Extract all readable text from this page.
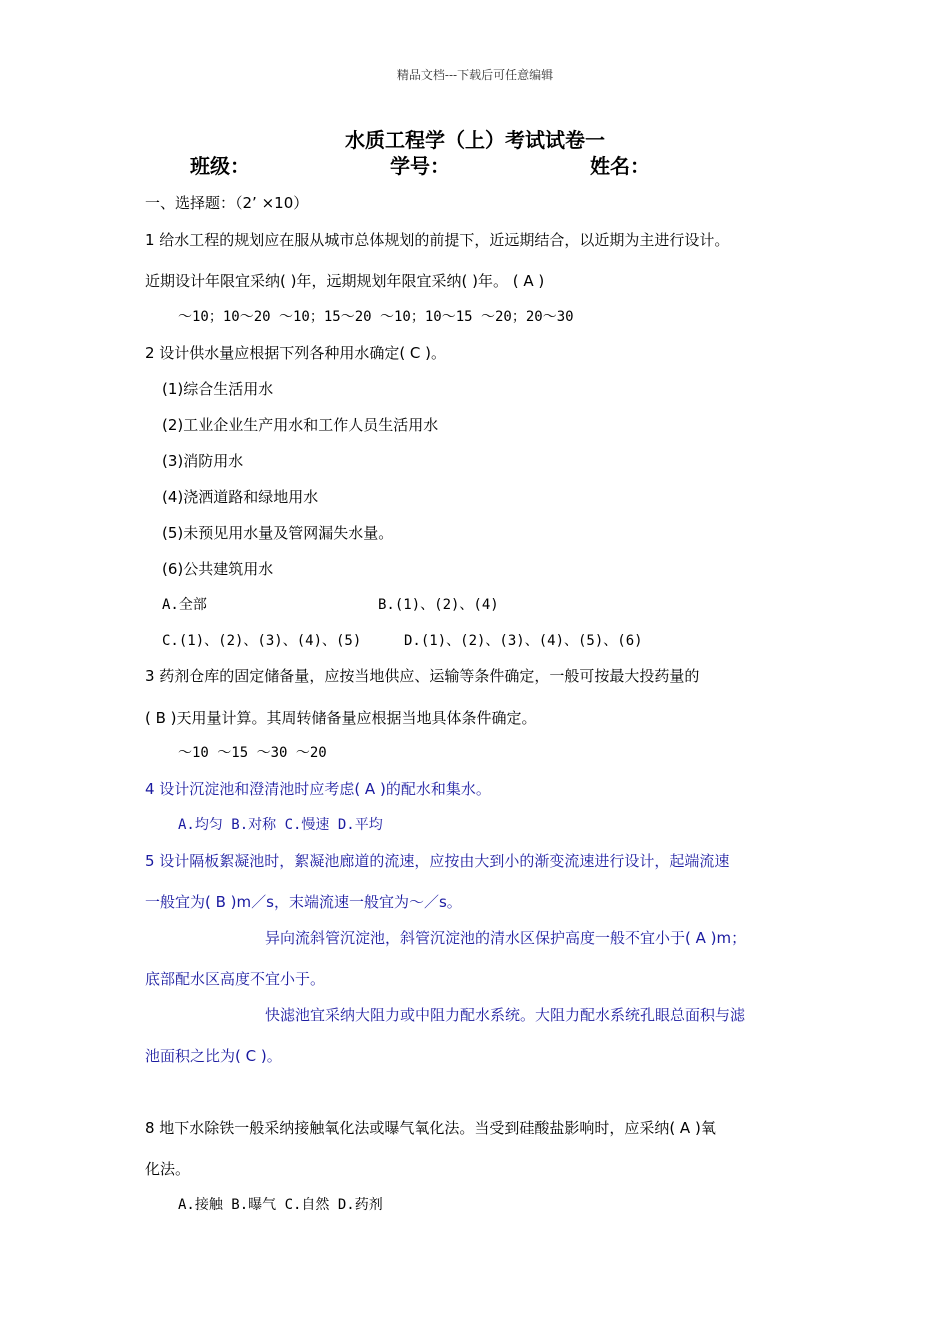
精品文档---下载后可任意编辑
水质工程学（上）考试试卷一
班级：	学号：	姓名：
一、选择题：（2’ ×10）
1 给水工程的规划应在服从城市总体规划的前提下，近远期结合，以近期为主进行设计。
近期设计年限宜采纳( )年，远期规划年限宜采纳( )年。 ( A )
～10；10～20 ～10；15～20 ～10；10～15 ～20；20～30
2 设计供水量应根据下列各种用水确定( C )。
(1)综合生活用水
(2)工业企业生产用水和工作人员生活用水
(3)消防用水
(4)浇洒道路和绿地用水
(5)未预见用水量及管网漏失水量。
(6)公共建筑用水
A.全部	B.(1)、(2)、(4)
C.(1)、(2)、(3)、(4)、(5)	D.(1)、(2)、(3)、(4)、(5)、(6)
3 药剂仓库的固定储备量，应按当地供应、运输等条件确定，一般可按最大投药量的
( B )天用量计算。其周转储备量应根据当地具体条件确定。
～10 ～15 ～30 ～20
4 设计沉淀池和澄清池时应考虑( A )的配水和集水。
A.均匀 B.对称 C.慢速 D.平均
5 设计隔板絮凝池时，絮凝池廊道的流速，应按由大到小的渐变流速进行设计，起端流速
一般宜为( B )m／s，末端流速一般宜为～／s。
异向流斜管沉淀池，斜管沉淀池的清水区保护高度一般不宜小于( A )m；
底部配水区高度不宜小于。
快滤池宜采纳大阻力或中阻力配水系统。大阻力配水系统孔眼总面积与滤
池面积之比为( C )。
8 地下水除铁一般采纳接触氧化法或曝气氧化法。当受到硅酸盐影响时，应采纳( A )氧
化法。
A.接触 B.曝气 C.自然 D.药剂
